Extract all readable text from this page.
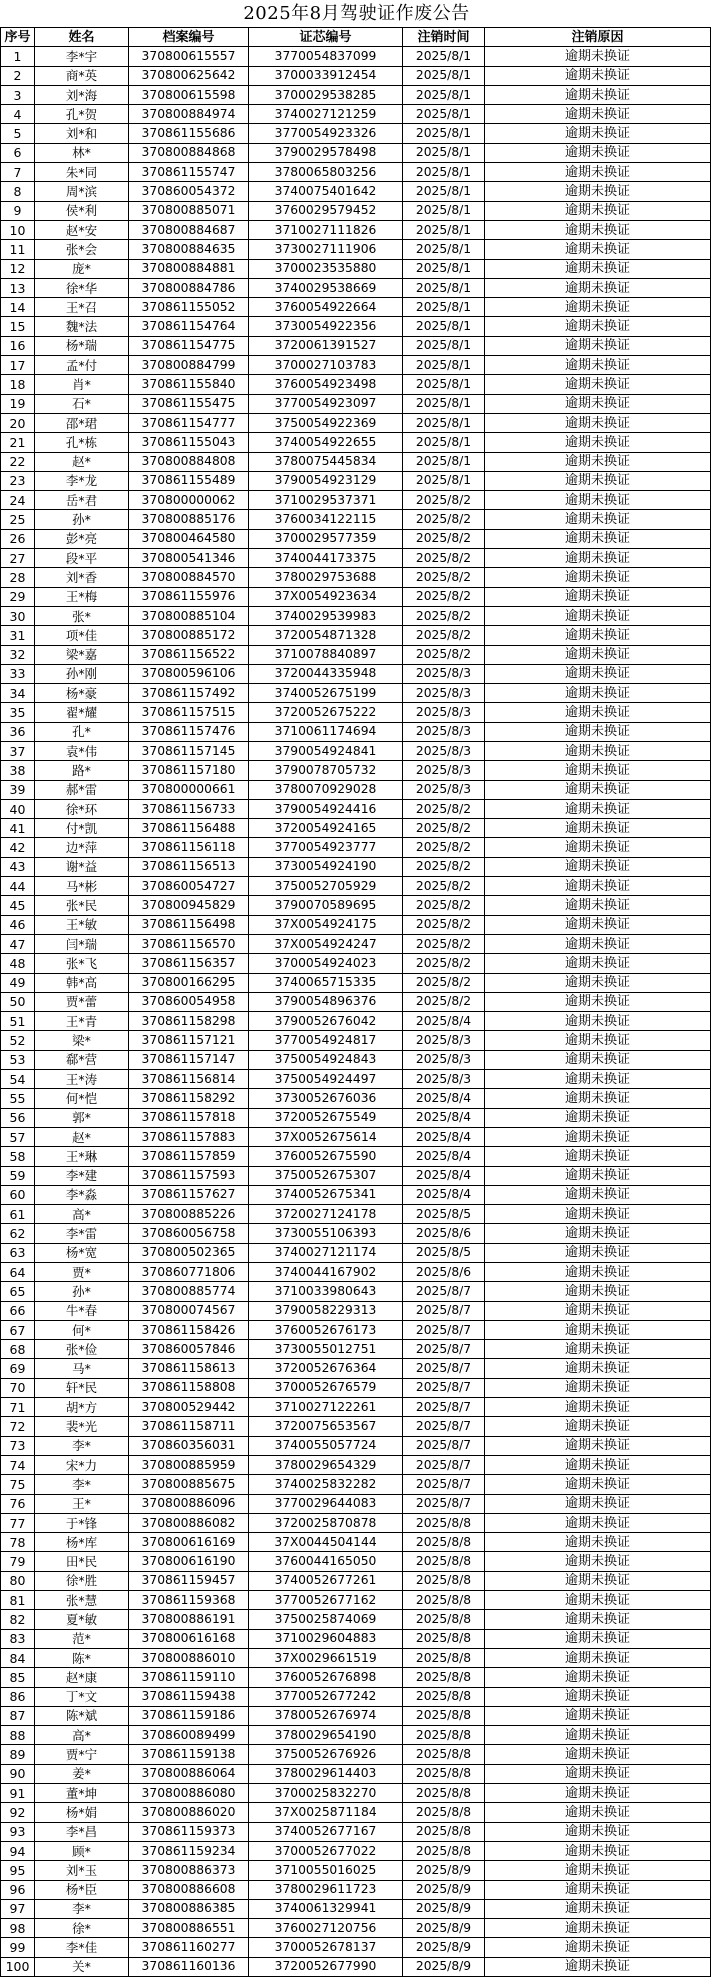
2025年8月驾驶证作废公告
序号	姓名	档案编号	证芯编号	注销时间	注销原因
1	李*宇	370800615557	3770054837099	2025/8/1	逾期未换证
2	商*英	370800625642	3700033912454	2025/8/1	逾期未换证
3	刘*海	370800615598	3700029538285	2025/8/1	逾期未换证
4	孔*贺	370800884974	3740027121259	2025/8/1	逾期未换证
5	刘*和	370861155686	3770054923326	2025/8/1	逾期未换证
6	林*	370800884868	3790029578498	2025/8/1	逾期未换证
7	朱*同	370861155747	3780065803256	2025/8/1	逾期未换证
8	周*滨	370860054372	3740075401642	2025/8/1	逾期未换证
9	侯*利	370800885071	3760029579452	2025/8/1	逾期未换证
10	赵*安	370800884687	3710027111826	2025/8/1	逾期未换证
11	张*会	370800884635	3730027111906	2025/8/1	逾期未换证
12	庞*	370800884881	3700023535880	2025/8/1	逾期未换证
13	徐*华	370800884786	3740029538669	2025/8/1	逾期未换证
14	王*召	370861155052	3760054922664	2025/8/1	逾期未换证
15	魏*法	370861154764	3730054922356	2025/8/1	逾期未换证
16	杨*瑞	370861154775	3720061391527	2025/8/1	逾期未换证
17	孟*付	370800884799	3700027103783	2025/8/1	逾期未换证
18	肖*	370861155840	3760054923498	2025/8/1	逾期未换证
19	石*	370861155475	3770054923097	2025/8/1	逾期未换证
20	邵*珺	370861154777	3750054922369	2025/8/1	逾期未换证
21	孔*栋	370861155043	3740054922655	2025/8/1	逾期未换证
22	赵*	370800884808	3780075445834	2025/8/1	逾期未换证
23	李*龙	370861155489	3790054923129	2025/8/1	逾期未换证
24	岳*君	370800000062	3710029537371	2025/8/2	逾期未换证
25	孙*	370800885176	3760034122115	2025/8/2	逾期未换证
26	彭*亮	370800464580	3700029577359	2025/8/2	逾期未换证
27	段*平	370800541346	3740044173375	2025/8/2	逾期未换证
28	刘*香	370800884570	3780029753688	2025/8/2	逾期未换证
29	王*梅	370861155976	37X0054923634	2025/8/2	逾期未换证
30	张*	370800885104	3740029539983	2025/8/2	逾期未换证
31	项*佳	370800885172	3720054871328	2025/8/2	逾期未换证
32	梁*嘉	370861156522	3710078840897	2025/8/2	逾期未换证
33	孙*刚	370800596106	3720044335948	2025/8/3	逾期未换证
34	杨*豪	370861157492	3740052675199	2025/8/3	逾期未换证
35	翟*耀	370861157515	3720052675222	2025/8/3	逾期未换证
36	孔*	370861157476	3710061174694	2025/8/3	逾期未换证
37	袁*伟	370861157145	3790054924841	2025/8/3	逾期未换证
38	路*	370861157180	3790078705732	2025/8/3	逾期未换证
39	郝*雷	370800000661	3780070929028	2025/8/3	逾期未换证
40	徐*环	370861156733	3790054924416	2025/8/2	逾期未换证
41	付*凯	370861156488	3720054924165	2025/8/2	逾期未换证
42	边*萍	370861156118	3770054923777	2025/8/2	逾期未换证
43	谢*益	370861156513	3730054924190	2025/8/2	逾期未换证
44	马*彬	370860054727	3750052705929	2025/8/2	逾期未换证
45	张*民	370800945829	3790070589695	2025/8/2	逾期未换证
46	王*敏	370861156498	37X0054924175	2025/8/2	逾期未换证
47	闫*瑞	370861156570	37X0054924247	2025/8/2	逾期未换证
48	张*飞	370861156357	3700054924023	2025/8/2	逾期未换证
49	韩*高	370800166295	3740065715335	2025/8/2	逾期未换证
50	贾*蕾	370860054958	3790054896376	2025/8/2	逾期未换证
51	王*青	370861158298	3790052676042	2025/8/4	逾期未换证
52	梁*	370861157121	3770054924817	2025/8/3	逾期未换证
53	郗*营	370861157147	3750054924843	2025/8/3	逾期未换证
54	王*涛	370861156814	3750054924497	2025/8/3	逾期未换证
55	何*恺	370861158292	3730052676036	2025/8/4	逾期未换证
56	郭*	370861157818	3720052675549	2025/8/4	逾期未换证
57	赵*	370861157883	37X0052675614	2025/8/4	逾期未换证
58	王*琳	370861157859	3760052675590	2025/8/4	逾期未换证
59	李*建	370861157593	3750052675307	2025/8/4	逾期未换证
60	李*淼	370861157627	3740052675341	2025/8/4	逾期未换证
61	高*	370800885226	3720027124178	2025/8/5	逾期未换证
62	李*雷	370860056758	3730055106393	2025/8/6	逾期未换证
63	杨*宽	370800502365	3740027121174	2025/8/5	逾期未换证
64	贾*	370860771806	3740044167902	2025/8/6	逾期未换证
65	孙*	370800885774	3710033980643	2025/8/7	逾期未换证
66	牛*春	370800074567	3790058229313	2025/8/7	逾期未换证
67	何*	370861158426	3760052676173	2025/8/7	逾期未换证
68	张*俭	370860057846	3730055012751	2025/8/7	逾期未换证
69	马*	370861158613	3720052676364	2025/8/7	逾期未换证
70	轩*民	370861158808	3700052676579	2025/8/7	逾期未换证
71	胡*方	370800529442	3710027122261	2025/8/7	逾期未换证
72	裴*光	370861158711	3720075653567	2025/8/7	逾期未换证
73	李*	370860356031	3740055057724	2025/8/7	逾期未换证
74	宋*力	370800885959	3780029654329	2025/8/7	逾期未换证
75	李*	370800885675	3740025832282	2025/8/7	逾期未换证
76	王*	370800886096	3770029644083	2025/8/7	逾期未换证
77	于*锋	370800886082	3720025870878	2025/8/8	逾期未换证
78	杨*库	370800616169	37X0044504144	2025/8/8	逾期未换证
79	田*民	370800616190	3760044165050	2025/8/8	逾期未换证
80	徐*胜	370861159457	3740052677261	2025/8/8	逾期未换证
81	张*慧	370861159368	3770052677162	2025/8/8	逾期未换证
82	夏*敏	370800886191	3750025874069	2025/8/8	逾期未换证
83	范*	370800616168	3710029604883	2025/8/8	逾期未换证
84	陈*	370800886010	37X0029661519	2025/8/8	逾期未换证
85	赵*康	370861159110	3760052676898	2025/8/8	逾期未换证
86	丁*文	370861159438	3770052677242	2025/8/8	逾期未换证
87	陈*斌	370861159186	3780052676974	2025/8/8	逾期未换证
88	高*	370860089499	3780029654190	2025/8/8	逾期未换证
89	贾*宁	370861159138	3750052676926	2025/8/8	逾期未换证
90	姜*	370800886064	3780029614403	2025/8/8	逾期未换证
91	董*坤	370800886080	3700025832270	2025/8/8	逾期未换证
92	杨*娟	370800886020	37X0025871184	2025/8/8	逾期未换证
93	李*昌	370861159373	3740052677167	2025/8/8	逾期未换证
94	顾*	370861159234	3700052677022	2025/8/8	逾期未换证
95	刘*玉	370800886373	3710055016025	2025/8/9	逾期未换证
96	杨*臣	370800886608	3780029611723	2025/8/9	逾期未换证
97	李*	370800886385	3740061329941	2025/8/9	逾期未换证
98	徐*	370800886551	3760027120756	2025/8/9	逾期未换证
99	李*佳	370861160277	3700052678137	2025/8/9	逾期未换证
100	关*	370861160136	3720052677990	2025/8/9	逾期未换证
